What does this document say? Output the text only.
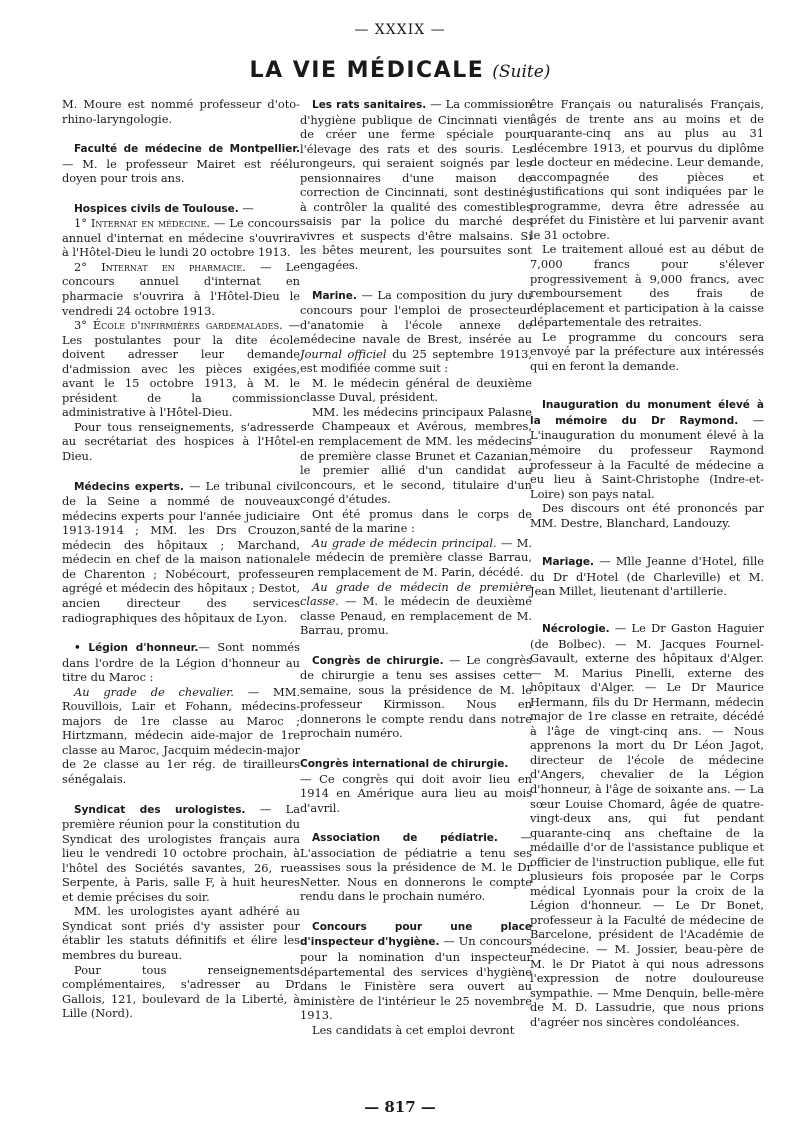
— XXXIX —
LA VIE MÉDICALE (Suite)

M. Moure est nommé professeur d'oto-rhino-laryngologie.

Faculté de médecine de Montpellier. — M. le professeur Mairet est réélu doyen pour trois ans.

Hospices civils de Toulouse. —

1° Internat en médecine. — Le concours annuel d'internat en médecine s'ouvrira à l'Hôtel-Dieu le lundi 20 octobre 1913.

2° Internat en pharmacie. — Le concours annuel d'internat en pharmacie s'ouvrira à l'Hôtel-Dieu le vendredi 24 octobre 1913.

3° École d'infirmières gardemalades. — Les postulantes pour la dite école doivent adresser leur demande d'admission avec les pièces exigées, avant le 15 octobre 1913, à M. le président de la commission administrative à l'Hôtel-Dieu.

Pour tous renseignements, s'adresser au secrétariat des hospices à l'Hôtel-Dieu.

Médecins experts. — Le tribunal civil de la Seine a nommé de nouveaux médecins experts pour l'année judiciaire 1913-1914 ; MM. les Drs Crouzon, médecin des hôpitaux ; Marchand, médecin en chef de la maison nationale de Charenton ; Nobécourt, professeur agrégé et médecin des hôpitaux ; Destot, ancien directeur des services radiographiques des hôpitaux de Lyon.

• Légion d'honneur.— Sont nommés dans l'ordre de la Légion d'honneur au titre du Maroc :

Au grade de chevalier. — MM. Rouvillois, Lair et Fohann, médecins-majors de 1re classe au Maroc ; Hirtzmann, médecin aide-major de 1re classe au Maroc, Jacquim médecin-major de 2e classe au 1er rég. de tirailleurs sénégalais.

Syndicat des urologistes. — La première réunion pour la constitution du Syndicat des urologistes français aura lieu le vendredi 10 octobre prochain, à l'hôtel des Sociétés savantes, 26, rue Serpente, à Paris, salle F, à huit heures et demie précises du soir.

MM. les urologistes ayant adhéré au Syndicat sont priés d'y assister pour établir les statuts définitifs et élire les membres du bureau.

Pour tous renseignements complémentaires, s'adresser au Dr Gallois, 121, boulevard de la Liberté, à Lille (Nord).

Les rats sanitaires. — La commission d'hygiène publique de Cincinnati vient de créer une ferme spéciale pour l'élevage des rats et des souris. Les rongeurs, qui seraient soignés par les pensionnaires d'une maison de correction de Cincinnati, sont destinés à contrôler la qualité des comestibles saisis par la police du marché des vivres et suspects d'être malsains. Si les bêtes meurent, les poursuites sont engagées.

Marine. — La composition du jury du concours pour l'emploi de prosecteur d'anatomie à l'école annexe de médecine navale de Brest, insérée au Journal officiel du 25 septembre 1913, est modifiée comme suit :

M. le médecin général de deuxième classe Duval, président.

MM. les médecins principaux Palasne de Champeaux et Avérous, membres, en remplacement de MM. les médecins de première classe Brunet et Cazanian, le premier allié d'un candidat au concours, et le second, titulaire d'un congé d'études.

Ont été promus dans le corps de santé de la marine :

Au grade de médecin principal. — M. le médecin de première classe Barrau, en remplacement de M. Parin, décédé.

Au grade de médecin de première classe. — M. le médecin de deuxième classe Penaud, en remplacement de M. Barrau, promu.

Congrès de chirurgie. — Le congrès de chirurgie a tenu ses assises cette semaine, sous la présidence de M. le professeur Kirmisson. Nous en donnerons le compte rendu dans notre prochain numéro.

Congrès international de chirurgie.
— Ce congrès qui doit avoir lieu en 1914 en Amérique aura lieu au mois d'avril.

Association de pédiatrie. — L'association de pédiatrie a tenu ses assises sous la présidence de M. le Dr Netter. Nous en donnerons le compte rendu dans le prochain numéro.

Concours pour une place d'inspecteur d'hygiène. — Un concours pour la nomination d'un inspecteur départemental des services d'hygiène dans le Finistère sera ouvert au ministère de l'intérieur le 25 novembre 1913.

Les candidats à cet emploi devront

être Français ou naturalisés Français, âgés de trente ans au moins et de quarante-cinq ans au plus au 31 décembre 1913, et pourvus du diplôme de docteur en médecine. Leur demande, accompagnée des pièces et justifications qui sont indiquées par le programme, devra être adressée au préfet du Finistère et lui parvenir avant le 31 octobre.

Le traitement alloué est au début de 7,000 francs pour s'élever progressivement à 9,000 francs, avec remboursement des frais de déplacement et participation à la caisse départementale des retraites.

Le programme du concours sera envoyé par la préfecture aux intéressés qui en feront la demande.

Inauguration du monument élevé à la mémoire du Dr Raymond. — L'inauguration du monument élevé à la mémoire du professeur Raymond professeur à la Faculté de médecine a eu lieu à Saint-Christophe (Indre-et-Loire) son pays natal.

Des discours ont été prononcés par MM. Destre, Blanchard, Landouzy.

Mariage. — Mlle Jeanne d'Hotel, fille du Dr d'Hotel (de Charleville) et M. Jean Millet, lieutenant d'artillerie.

Nécrologie. — Le Dr Gaston Haguier (de Bolbec). — M. Jacques Fournel-Gavault, externe des hôpitaux d'Alger. — M. Marius Pinelli, externe des hôpitaux d'Alger. — Le Dr Maurice Hermann, fils du Dr Hermann, médecin major de 1re classe en retraite, décédé à l'âge de vingt-cinq ans. — Nous apprenons la mort du Dr Léon Jagot, directeur de l'école de médecine d'Angers, chevalier de la Légion d'honneur, à l'âge de soixante ans. — La sœur Louise Chomard, âgée de quatre-vingt-deux ans, qui fut pendant quarante-cinq ans cheftaine de la médaille d'or de l'assistance publique et officier de l'instruction publique, elle fut plusieurs fois proposée par le Corps médical Lyonnais pour la croix de la Légion d'honneur. — Le Dr Bonet, professeur à la Faculté de médecine de Barcelone, président de l'Académie de médecine. — M. Jossier, beau-père de M. le Dr Piatot à qui nous adressons l'expression de notre douloureuse sympathie. — Mme Denquin, belle-mère de M. D. Lassudrie, que nous prions d'agréer nos sincères condoléances.

— 817 —
